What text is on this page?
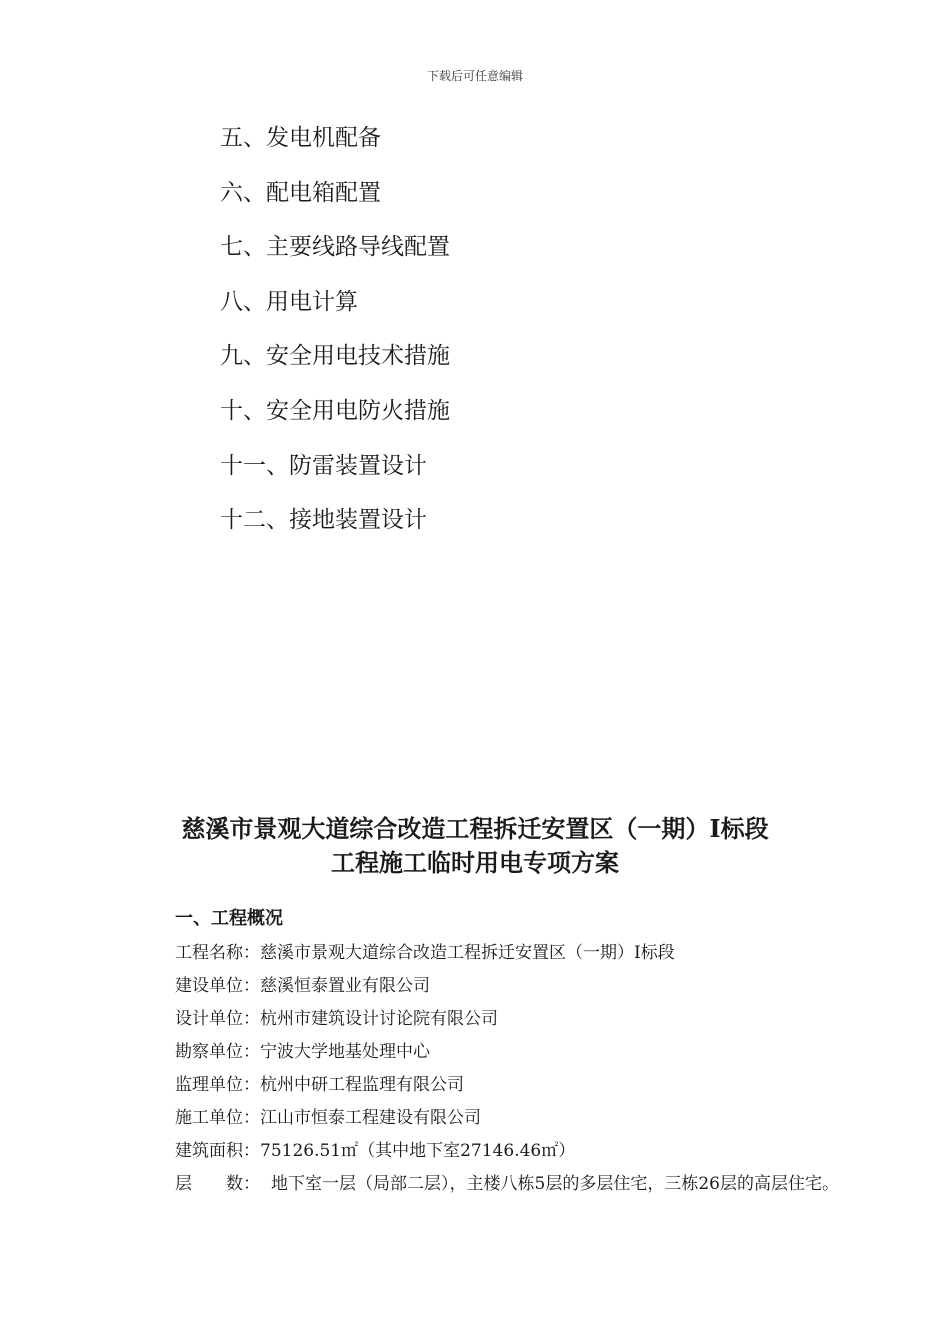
下载后可任意编辑
五、发电机配备
六、配电箱配置
七、主要线路导线配置
八、用电计算
九、安全用电技术措施
十、安全用电防火措施
十一、防雷装置设计
十二、接地装置设计
慈溪市景观大道综合改造工程拆迁安置区（一期）I标段
工程施工临时用电专项方案
一、工程概况
工程名称：慈溪市景观大道综合改造工程拆迁安置区（一期）I标段
建设单位：慈溪恒泰置业有限公司
设计单位：杭州市建筑设计讨论院有限公司
勘察单位：宁波大学地基处理中心
监理单位：杭州中研工程监理有限公司
施工单位：江山市恒泰工程建设有限公司
建筑面积：75126.51㎡（其中地下室27146.46㎡）
层　　数： 地下室一层（局部二层），主楼八栋5层的多层住宅，三栋26层的高层住宅。
